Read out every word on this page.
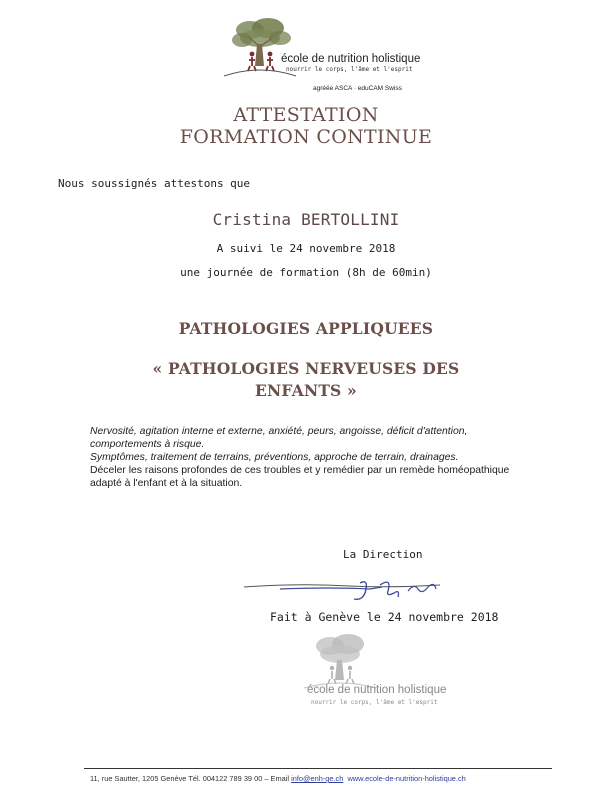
école de nutrition holistique
nourrir le corps, l'âme et l'esprit
agréée ASCA · eduCAM Swiss
ATTESTATION
FORMATION CONTINUE
Nous soussignés attestons que
Cristina BERTOLLINI
A suivi le 24 novembre 2018
une journée de formation (8h de 60min)
PATHOLOGIES APPLIQUEES
« PATHOLOGIES NERVEUSES DES
ENFANTS »

Nervosité, agitation interne et externe, anxiété, peurs, angoisse, déficit d'attention,

comportements à risque.

Symptômes, traitement de terrains, préventions, approche de terrain, drainages.

Déceler les raisons profondes de ces troubles et y remédier par un remède homéopathique

adapté à l'enfant et à la situation.

La Direction
Fait à Genève le 24 novembre 2018
école de nutrition holistique
nourrir le corps, l'âme et l'esprit
11, rue Sautter, 1205 Genève Tél. 004122 789 39 00 – Email info@enh-ge.ch www.ecole-de-nutrition-holistique.ch
